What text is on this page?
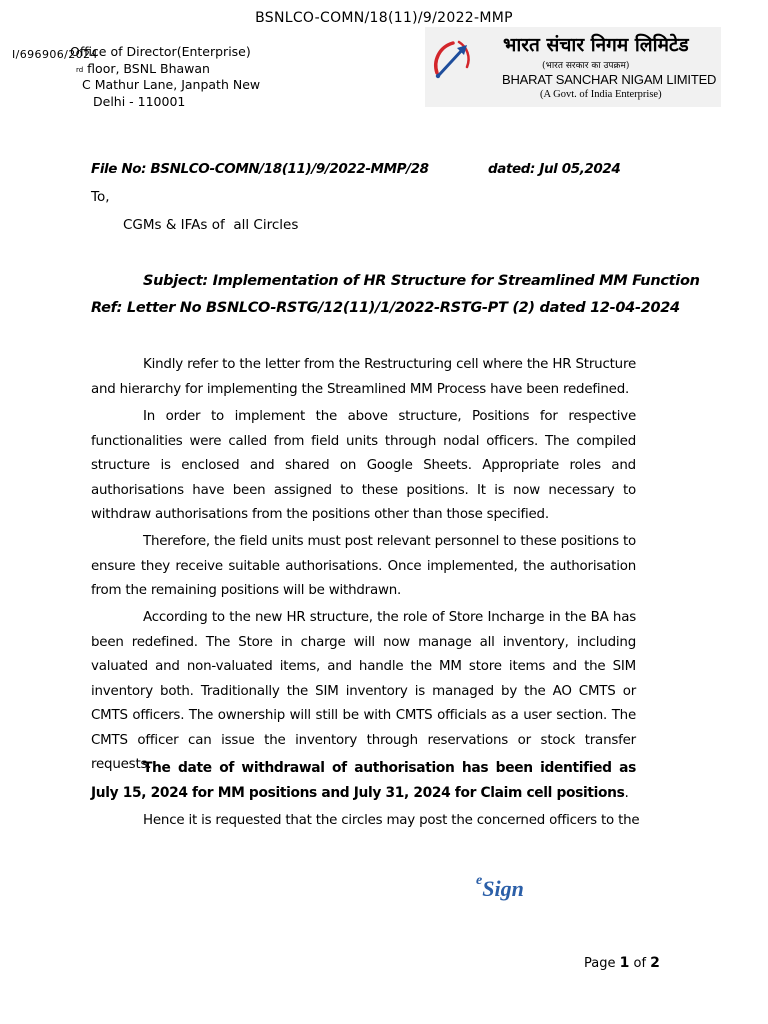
BSNLCO-COMN/18(11)/9/2022-MMP
I/696906/2024
Office of Director(Enterprise)
$^{rd}$ floor, BSNL Bhawan
C Mathur Lane, Janpath New
Delhi - 110001
भारत संचार निगम लिमिटेड
(भारत सरकार का उपक्रम)
BHARAT SANCHAR NIGAM LIMITED
(A Govt. of India Enterprise)
File No: BSNLCO-COMN/18(11)/9/2022-MMP/28	dated: Jul 05,2024
To,
CGMs & IFAs of  all Circles
Subject: Implementation of HR Structure for Streamlined MM Function
Ref: Letter No BSNLCO-RSTG/12(11)/1/2022-RSTG-PT (2) dated 12-04-2024
Kindly refer to the letter from the Restructuring cell where the HR Structure and hierarchy for implementing the Streamlined MM Process have been redefined.
In order to implement the above structure, Positions for respective functionalities were called from field units through nodal officers. The compiled structure is enclosed and shared on Google Sheets. Appropriate roles and authorisations have been assigned to these positions. It is now necessary to withdraw authorisations from the positions other than those specified.
Therefore, the field units must post relevant personnel to these positions to ensure they receive suitable authorisations. Once implemented, the authorisation from the remaining positions will be withdrawn.
According to the new HR structure, the role of Store Incharge in the BA has been redefined. The Store in charge will now manage all inventory, including valuated and non-valuated items, and handle the MM store items and the SIM inventory both. Traditionally the SIM inventory is managed by the AO CMTS or CMTS officers. The ownership will still be with CMTS officials as a user section. The CMTS officer can issue the inventory through reservations or stock transfer requests.
The date of withdrawal of authorisation has been identified as July 15, 2024 for MM positions and July 31, 2024 for Claim cell positions.
Hence it is requested that the circles may post the concerned officers to the
$^e$Sign
Page 1 of 2
